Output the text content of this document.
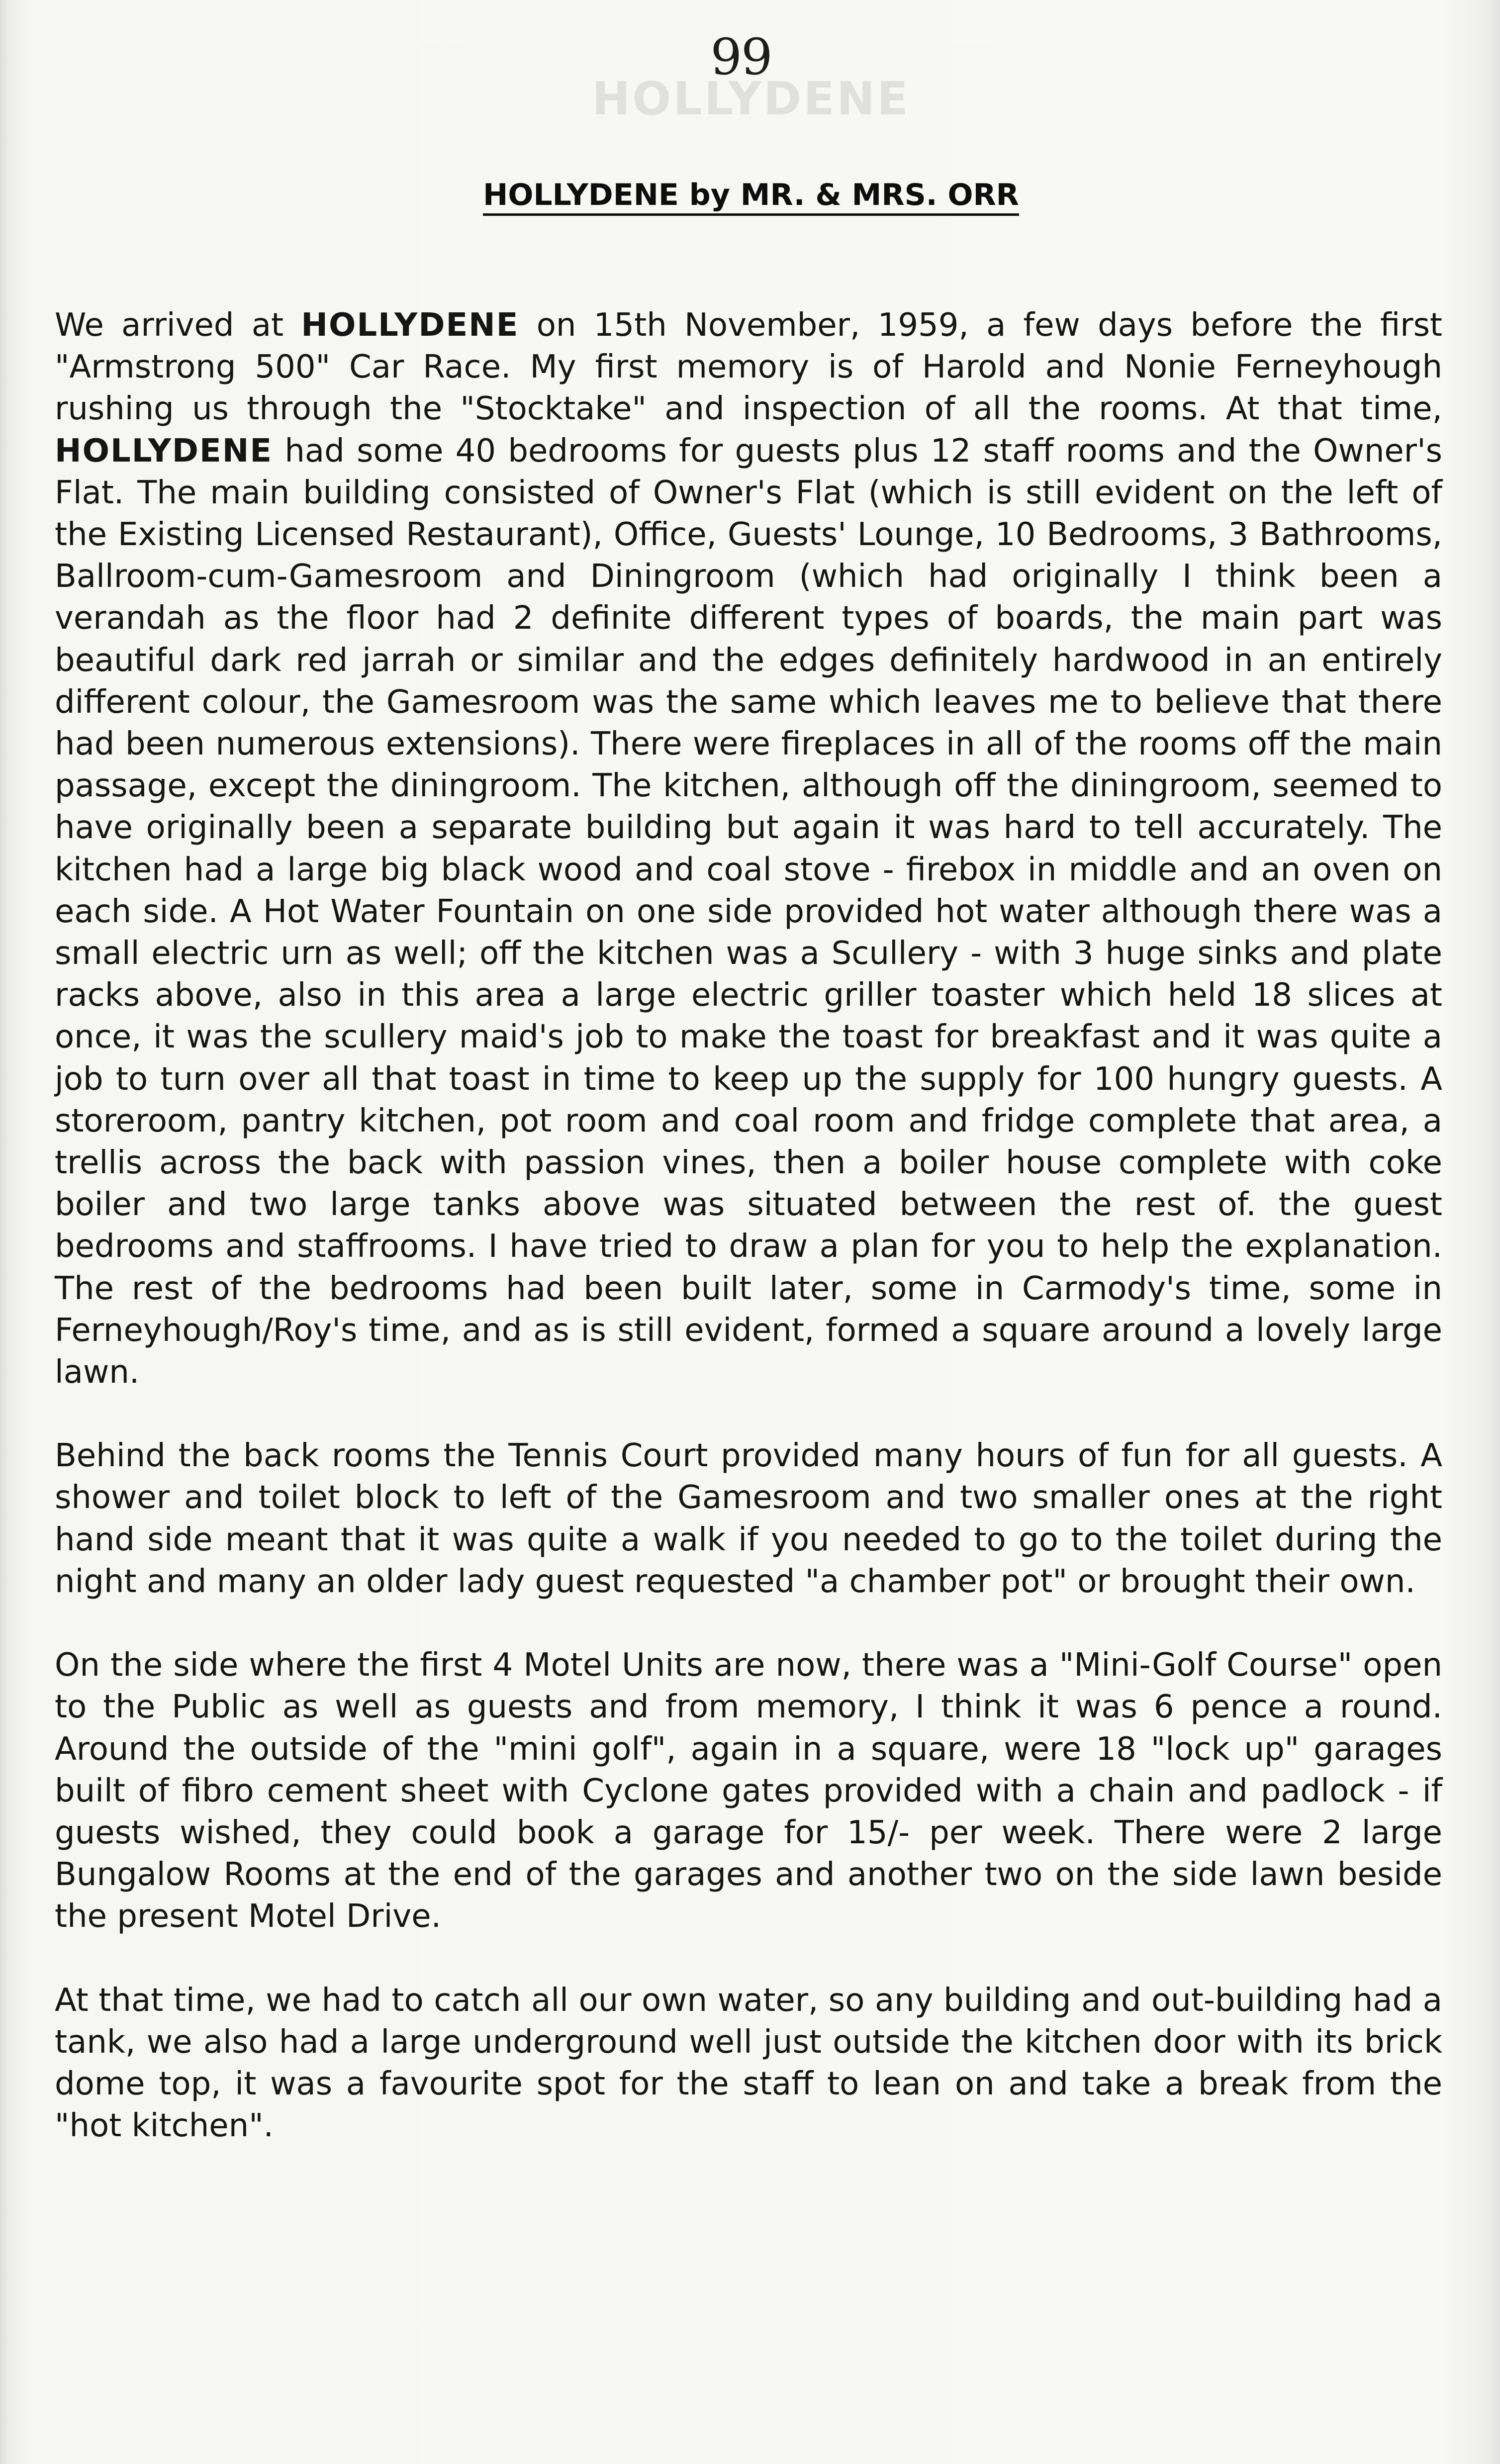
99
HOLLYDENE
HOLLYDENE by MR. & MRS. ORR

We arrived at HOLLYDENE on 15th November, 1959, a few days before the first "Armstrong 500" Car Race. My first memory is of Harold and Nonie Ferneyhough rushing us through the "Stocktake" and inspection of all the rooms. At that time, HOLLYDENE had some 40 bedrooms for guests plus 12 staff rooms and the Owner's Flat. The main building consisted of Owner's Flat (which is still evident on the left of the Existing Licensed Restaurant), Office, Guests' Lounge, 10 Bedrooms, 3 Bathrooms, Ballroom-cum-Gamesroom and Diningroom (which had originally I think been a verandah as the floor had 2 definite different types of boards, the main part was beautiful dark red jarrah or similar and the edges definitely hardwood in an entirely different colour, the Gamesroom was the same which leaves me to believe that there had been numerous extensions). There were fireplaces in all of the rooms off the main passage, except the diningroom. The kitchen, although off the diningroom, seemed to have originally been a separate building but again it was hard to tell accurately. The kitchen had a large big black wood and coal stove - firebox in middle and an oven on each side. A Hot Water Fountain on one side provided hot water although there was a small electric urn as well; off the kitchen was a Scullery - with 3 huge sinks and plate racks above, also in this area a large electric griller toaster which held 18 slices at once, it was the scullery maid's job to make the toast for breakfast and it was quite a job to turn over all that toast in time to keep up the supply for 100 hungry guests. A storeroom, pantry kitchen, pot room and coal room and fridge complete that area, a trellis across the back with passion vines, then a boiler house complete with coke boiler and two large tanks above was situated between the rest of. the guest bedrooms and staffrooms. I have tried to draw a plan for you to help the explanation. The rest of the bedrooms had been built later, some in Carmody's time, some in Ferneyhough/Roy's time, and as is still evident, formed a square around a lovely large lawn.

Behind the back rooms the Tennis Court provided many hours of fun for all guests. A shower and toilet block to left of the Gamesroom and two smaller ones at the right hand side meant that it was quite a walk if you needed to go to the toilet during the night and many an older lady guest requested "a chamber pot" or brought their own.

On the side where the first 4 Motel Units are now, there was a "Mini-Golf Course" open to the Public as well as guests and from memory, I think it was 6 pence a round. Around the outside of the "mini golf", again in a square, were 18 "lock up" garages built of fibro cement sheet with Cyclone gates provided with a chain and padlock - if guests wished, they could book a garage for 15/- per week. There were 2 large Bungalow Rooms at the end of the garages and another two on the side lawn beside the present Motel Drive.

At that time, we had to catch all our own water, so any building and out-building had a tank, we also had a large underground well just outside the kitchen door with its brick dome top, it was a favourite spot for the staff to lean on and take a break from the "hot kitchen".
